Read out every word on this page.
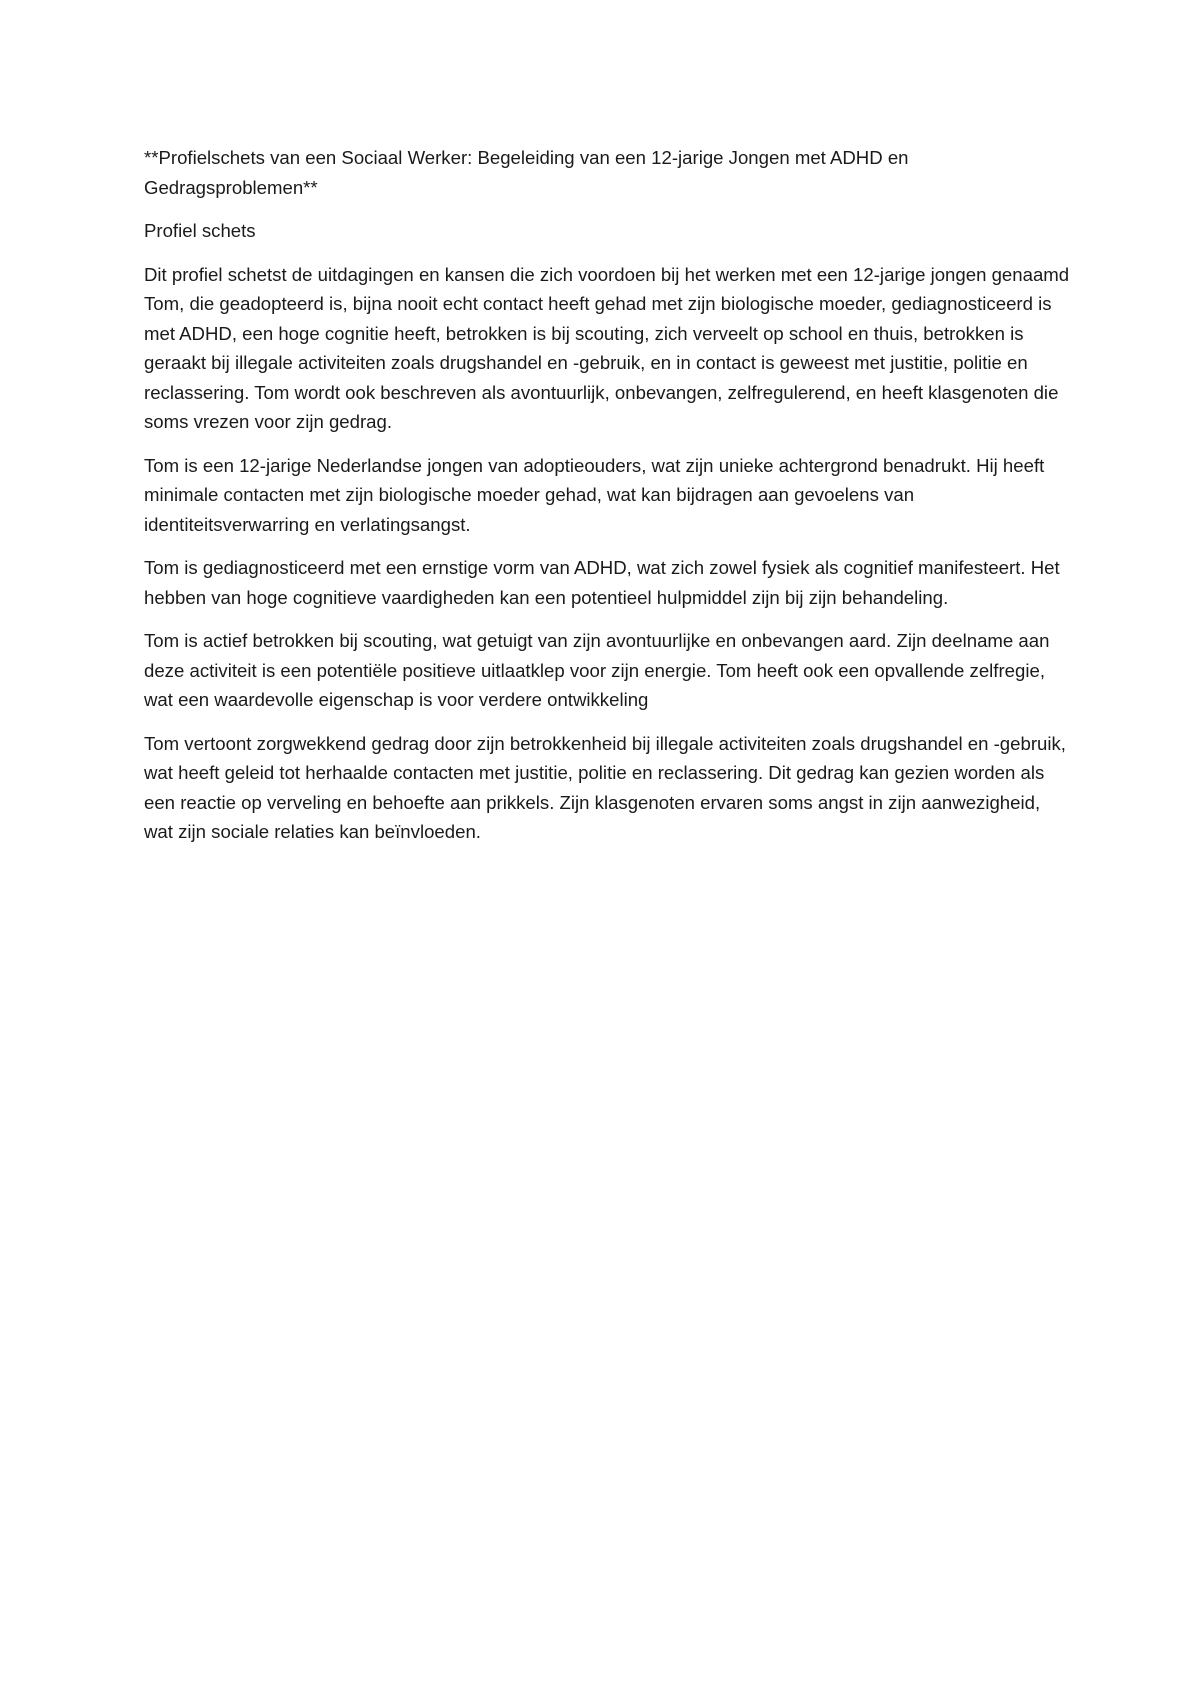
**Profielschets van een Sociaal Werker: Begeleiding van een 12-jarige Jongen met ADHD en Gedragsproblemen**

Profiel schets

Dit profiel schetst de uitdagingen en kansen die zich voordoen bij het werken met een 12-jarige jongen genaamd Tom, die geadopteerd is, bijna nooit echt contact heeft gehad met zijn biologische moeder, gediagnosticeerd is met ADHD, een hoge cognitie heeft, betrokken is bij scouting, zich verveelt op school en thuis, betrokken is geraakt bij illegale activiteiten zoals drugshandel en -gebruik, en in contact is geweest met justitie, politie en reclassering. Tom wordt ook beschreven als avontuurlijk, onbevangen, zelfregulerend, en heeft klasgenoten die soms vrezen voor zijn gedrag.

Tom is een 12-jarige Nederlandse jongen van adoptieouders, wat zijn unieke achtergrond benadrukt. Hij heeft minimale contacten met zijn biologische moeder gehad, wat kan bijdragen aan gevoelens van identiteitsverwarring en verlatingsangst.

Tom is gediagnosticeerd met een ernstige vorm van ADHD, wat zich zowel fysiek als cognitief manifesteert. Het hebben van hoge cognitieve vaardigheden kan een potentieel hulpmiddel zijn bij zijn behandeling.

Tom is actief betrokken bij scouting, wat getuigt van zijn avontuurlijke en onbevangen aard. Zijn deelname aan deze activiteit is een potentiële positieve uitlaatklep voor zijn energie. Tom heeft ook een opvallende zelfregie, wat een waardevolle eigenschap is voor verdere ontwikkeling

Tom vertoont zorgwekkend gedrag door zijn betrokkenheid bij illegale activiteiten zoals drugshandel en -gebruik, wat heeft geleid tot herhaalde contacten met justitie, politie en reclassering. Dit gedrag kan gezien worden als een reactie op verveling en behoefte aan prikkels. Zijn klasgenoten ervaren soms angst in zijn aanwezigheid, wat zijn sociale relaties kan beïnvloeden.
